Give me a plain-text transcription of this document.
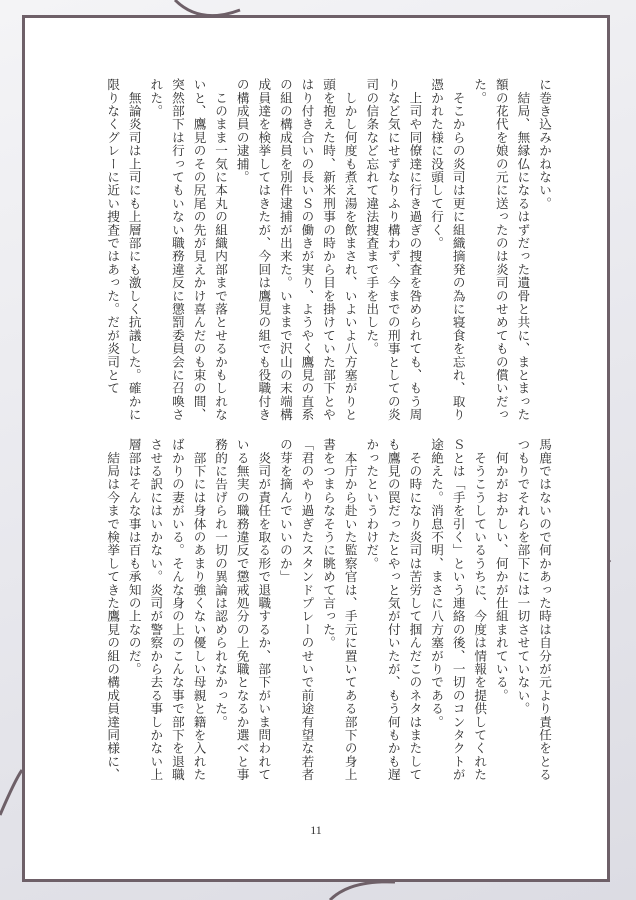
に巻き込みかねない。

　結局、無縁仏になるはずだった遺骨と共に、まとまった額の花代を娘の元に送ったのは炎司のせめてもの償いだった。

　そこからの炎司は更に組織摘発の為に寝食を忘れ、取り憑かれた様に没頭して行く。

　上司や同僚達に行き過ぎの捜査を咎められても、もう周りなど気にせずなりふり構わず、今までの刑事としての炎司の信条など忘れて違法捜査まで手を出した。

　しかし何度も煮え湯を飲まされ、いよいよ八方塞がりと頭を抱えた時、新米刑事の時から目を掛けていた部下とやはり付き合いの長いＳの働きが実り、ようやく鷹見の直系の組の構成員を別件逮捕が出来た。いままで沢山の末端構成員達を検挙してはきたが、今回は鷹見の組でも役職付きの構成員の逮捕。

　このまま一気に本丸の組織内部まで落とせるかもしれないと、鷹見のその尻尾の先が見えかけ喜んだのも束の間、突然部下は行ってもいない職務違反に懲罰委員会に召喚された。

　無論炎司は上司にも上層部にも激しく抗議した。確かに限りなくグレーに近い捜査ではあった。だが炎司とて

馬鹿ではないので何かあった時は自分が元より責任をとるつもりでそれらを部下には一切させていない。

　何かがおかしい、何かが仕組まれている。

　そうこうしているうちに、今度は情報を提供してくれたＳとは「手を引く」という連絡の後、一切のコンタクトが途絶えた。消息不明、まさに八方塞がりである。

　その時になり炎司は苦労して掴んだこのネタはまたしても鷹見の罠だったとやっと気が付いたが、もう何もかも遅かったというわけだ。

　本庁から赴いた監察官は、手元に置いてある部下の身上書をつまらなそうに眺めて言った。

「君のやり過ぎたスタンドプレーのせいで前途有望な若者の芽を摘んでいいのか」

　炎司が責任を取る形で退職するか、部下がいま問われている無実の職務違反で懲戒処分の上免職となるか選べと事務的に告げられ一切の異論は認められなかった。

　部下には身体のあまり強くない優しい母親と籍を入れたばかりの妻がいる。そんな身の上のこんな事で部下を退職させる訳にはいかない。炎司が警察から去る事しかない上層部はそんな事は百も承知の上なのだ。

　結局は今まで検挙してきた鷹見の組の構成員達同様に、

11
